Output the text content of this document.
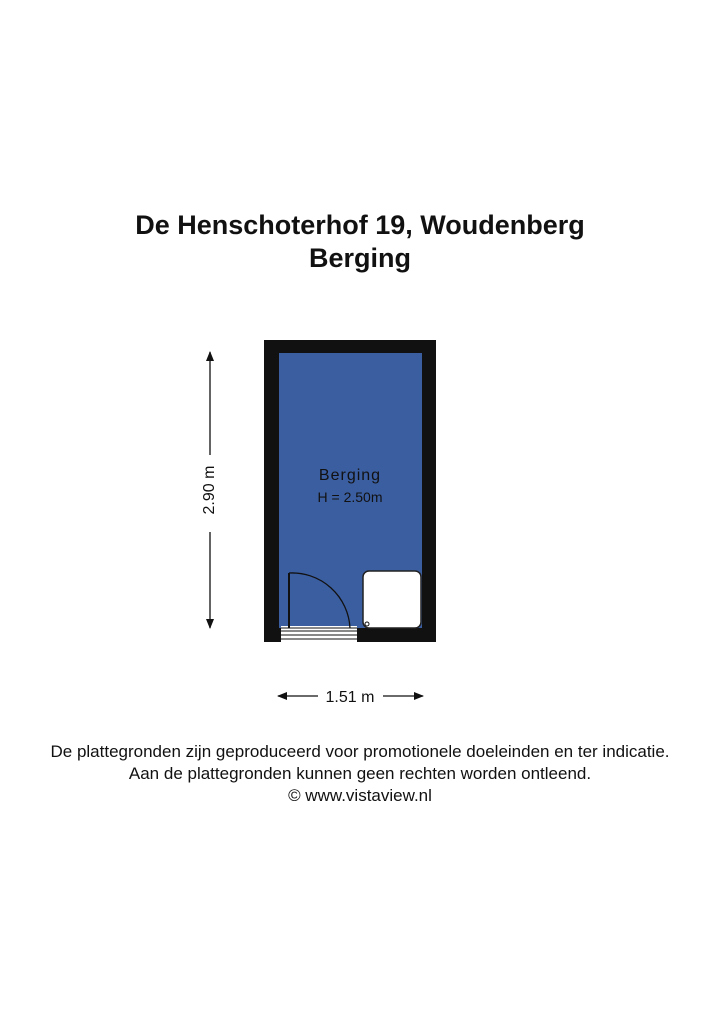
De Henschoterhof 19, Woudenberg
Berging
Berging
H = 2.50m
2.90 m
1.51 m
De plattegronden zijn geproduceerd voor promotionele doeleinden en ter indicatie.
Aan de plattegronden kunnen geen rechten worden ontleend.
© www.vistaview.nl
